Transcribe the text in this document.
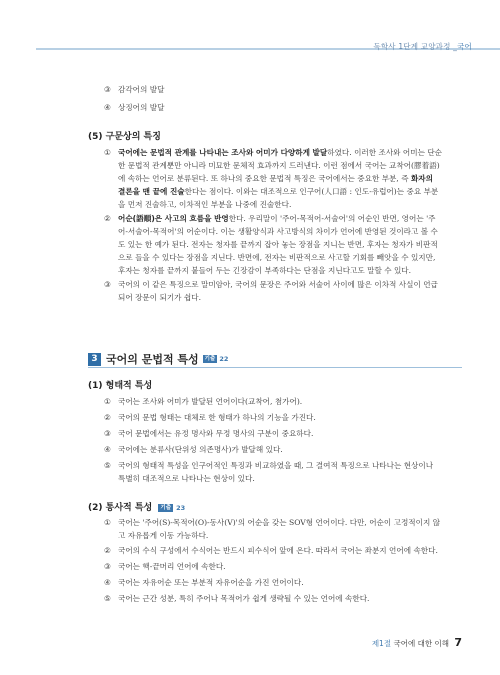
독학사 1단계 교양과정 _국어
③ 감각어의 발달
④ 상징어의 발달
(5) 구문상의 특징
① 국어에는 문법적 관계를 나타내는 조사와 어미가 다양하게 발달하였다. 이러한 조사와 어미는 단순
한 문법적 관계뿐만 아니라 미묘한 문체적 효과까지 드러낸다. 이런 점에서 국어는 교착어(膠着語)
에 속하는 언어로 분류된다. 또 하나의 중요한 문법적 특징은 국어에서는 중요한 부분, 즉 화자의
결론을 맨 끝에 진술한다는 점이다. 이와는 대조적으로 인구어(人口語 : 인도-유럽어)는 중요 부분
을 먼저 진술하고, 이차적인 부분을 나중에 진술한다.
② 어순(語順)은 사고의 흐름을 반영한다. 우리말이 '주어-목적어-서술어'의 어순인 반면, 영어는 '주
어-서술어-목적어'의 어순이다. 이는 생활양식과 사고방식의 차이가 언어에 반영된 것이라고 볼 수
도 있는 한 예가 된다. 전자는 청자를 끝까지 잡아 놓는 장점을 지니는 반면, 후자는 청자가 비판적
으로 들을 수 있다는 장점을 지닌다. 반면에, 전자는 비판적으로 사고할 기회를 빼앗을 수 있지만,
후자는 청자를 끝까지 붙들어 두는 긴장감이 부족하다는 단점을 지닌다고도 말할 수 있다.
③ 국어의 이 같은 특징으로 말미암아, 국어의 문장은 주어와 서술어 사이에 많은 이차적 사실이 언급
되어 장문이 되기가 쉽다.
3 국어의 문법적 특성	기출 22
(1) 형태적 특성
① 국어는 조사와 어미가 발달된 언어이다(교착어, 첨가어).
② 국어의 문법 형태는 대체로 한 형태가 하나의 기능을 가진다.
③ 국어 문법에서는 유정 명사와 무정 명사의 구분이 중요하다.
④ 국어에는 분류사(단위성 의존명사)가 발달해 있다.
⑤ 국어의 형태적 특성을 인구어적인 특징과 비교하였을 때, 그 결여적 특징으로 나타나는 현상이나
특별히 대조적으로 나타나는 현상이 있다.
(2) 통사적 특성 기출 23
① 국어는 '주어(S)-목적어(O)-동사(V)'의 어순을 갖는 SOV형 언어이다. 다만, 어순이 고정적이지 않
고 자유롭게 이동 가능하다.
② 국어의 수식 구성에서 수식어는 반드시 피수식어 앞에 온다. 따라서 국어는 좌분지 언어에 속한다.
③ 국어는 핵-끝머리 언어에 속한다.
④ 국어는 자유어순 또는 부분적 자유어순을 가진 언어이다.
⑤ 국어는 근간 성분, 특히 주어나 목적어가 쉽게 생략될 수 있는 언어에 속한다.
제1절 국어에 대한 이해 7
